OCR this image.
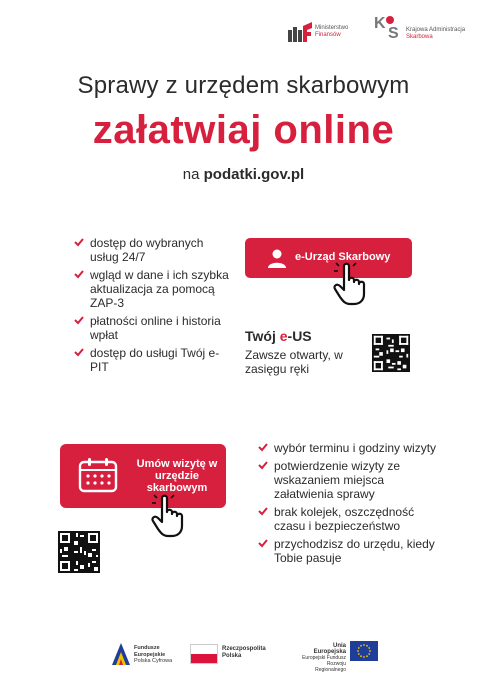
Ministerstwo
Finansów
K
S Krajowa Administracja
Skarbowa
Sprawy z urzędem skarbowym
załatwiaj online
na podatki.gov.pl
dostęp do wybranych usług 24/7
wgląd w dane i ich szybka aktualizacja za pomocą ZAP-3
płatności online i historia wpłat
dostęp do usługi Twój e-PIT
e-Urząd Skarbowy
Twój e-US
Zawsze otwarty, w zasięgu ręki
Umów wizytę w urzędzie skarbowym
wybór terminu i godziny wizyty
potwierdzenie wizyty ze wskazaniem miejsca załatwienia sprawy
brak kolejek, oszczędność czasu i bezpieczeństwo
przychodzisz do urzędu, kiedy Tobie pasuje
Fundusze
Europejskie
Polska Cyfrowa
Rzeczpospolita
Polska
Unia Europejska
Europejski Fundusz
Rozwoju Regionalnego
